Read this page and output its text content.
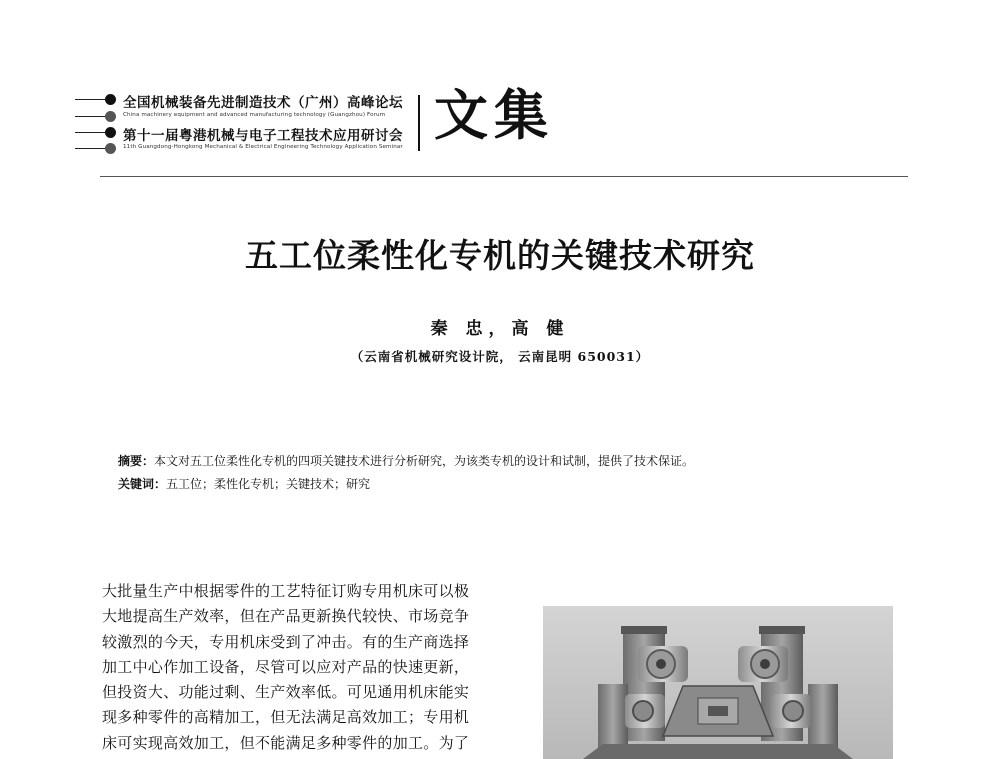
全国机械装备先进制造技术（广州）高峰论坛
China machinery equipment and advanced manufacturing technology (Guangzhou) Forum
第十一届粤港机械与电子工程技术应用研讨会
11th Guangdong-Hongkong Mechanical & Electrical Engineering Technology Application Seminar 文集
五工位柔性化专机的关键技术研究
秦 忠，高 健
（云南省机械研究设计院， 云南昆明 650031）
摘要：本文对五工位柔性化专机的四项关键技术进行分析研究，为该类专机的设计和试制，提供了技术保证。
关键词：五工位；柔性化专机；关键技术；研究
大批量生产中根据零件的工艺特征订购专用机床可以极
大地提高生产效率，但在产品更新换代较快、市场竞争
较激烈的今天，专用机床受到了冲击。有的生产商选择
加工中心作加工设备，尽管可以应对产品的快速更新，
但投资大、功能过剩、生产效率低。可见通用机床能实
现多种零件的高精加工，但无法满足高效加工；专用机
床可实现高效加工，但不能满足多种零件的加工。为了
